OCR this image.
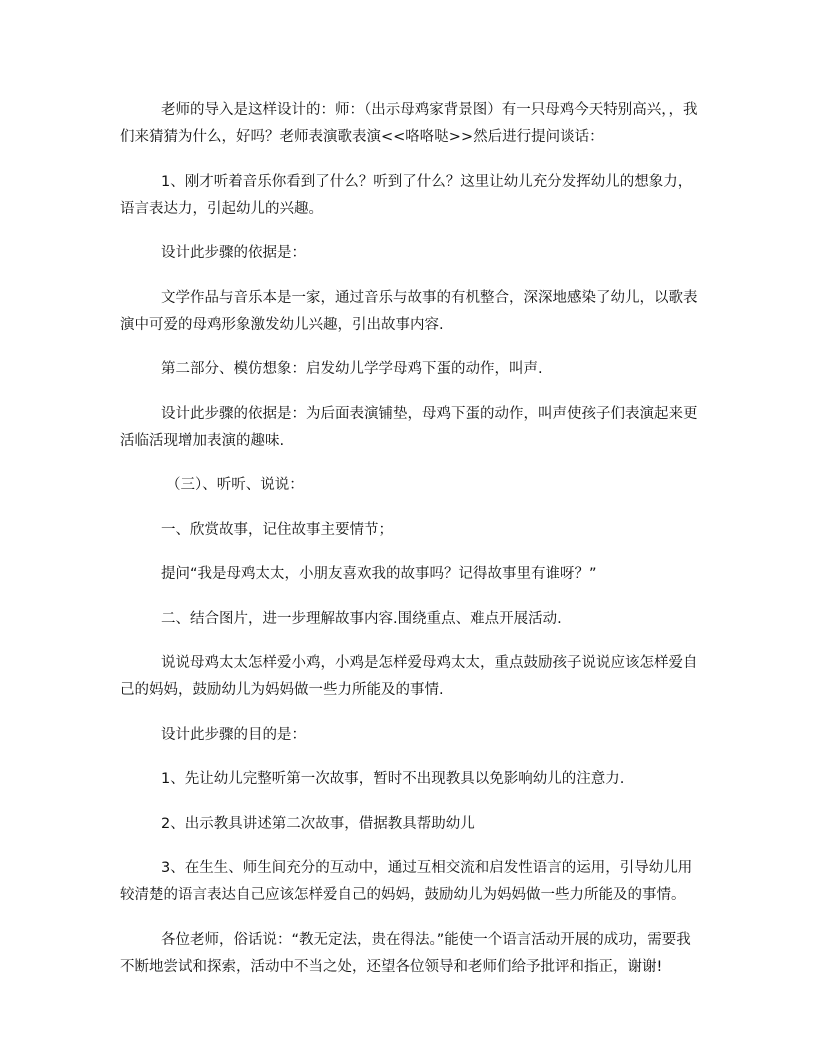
老师的导入是这样设计的：师：（出示母鸡家背景图）有一只母鸡今天特别高兴，，我们来猜猜为什么，好吗？老师表演歌表演<<咯咯哒>>然后进行提问谈话：

1、刚才听着音乐你看到了什么？听到了什么？这里让幼儿充分发挥幼儿的想象力，语言表达力，引起幼儿的兴趣。

设计此步骤的依据是：

文学作品与音乐本是一家，通过音乐与故事的有机整合，深深地感染了幼儿，以歌表演中可爱的母鸡形象激发幼儿兴趣，引出故事内容.

第二部分、模仿想象：启发幼儿学学母鸡下蛋的动作，叫声.

设计此步骤的依据是：为后面表演铺垫，母鸡下蛋的动作，叫声使孩子们表演起来更活临活现增加表演的趣味.

（三）、听听、说说：

一、欣赏故事，记住故事主要情节；

提问“我是母鸡太太，小朋友喜欢我的故事吗？记得故事里有谁呀？”

二、结合图片，进一步理解故事内容.围绕重点、难点开展活动.

说说母鸡太太怎样爱小鸡，小鸡是怎样爱母鸡太太，重点鼓励孩子说说应该怎样爱自己的妈妈，鼓励幼儿为妈妈做一些力所能及的事情.

设计此步骤的目的是：

1、先让幼儿完整听第一次故事，暂时不出现教具以免影响幼儿的注意力.

2、出示教具讲述第二次故事，借据教具帮助幼儿

3、在生生、师生间充分的互动中，通过互相交流和启发性语言的运用，引导幼儿用较清楚的语言表达自己应该怎样爱自己的妈妈，鼓励幼儿为妈妈做一些力所能及的事情。

各位老师，俗话说：“教无定法，贵在得法。”能使一个语言活动开展的成功，需要我不断地尝试和探索，活动中不当之处，还望各位领导和老师们给予批评和指正，谢谢!
